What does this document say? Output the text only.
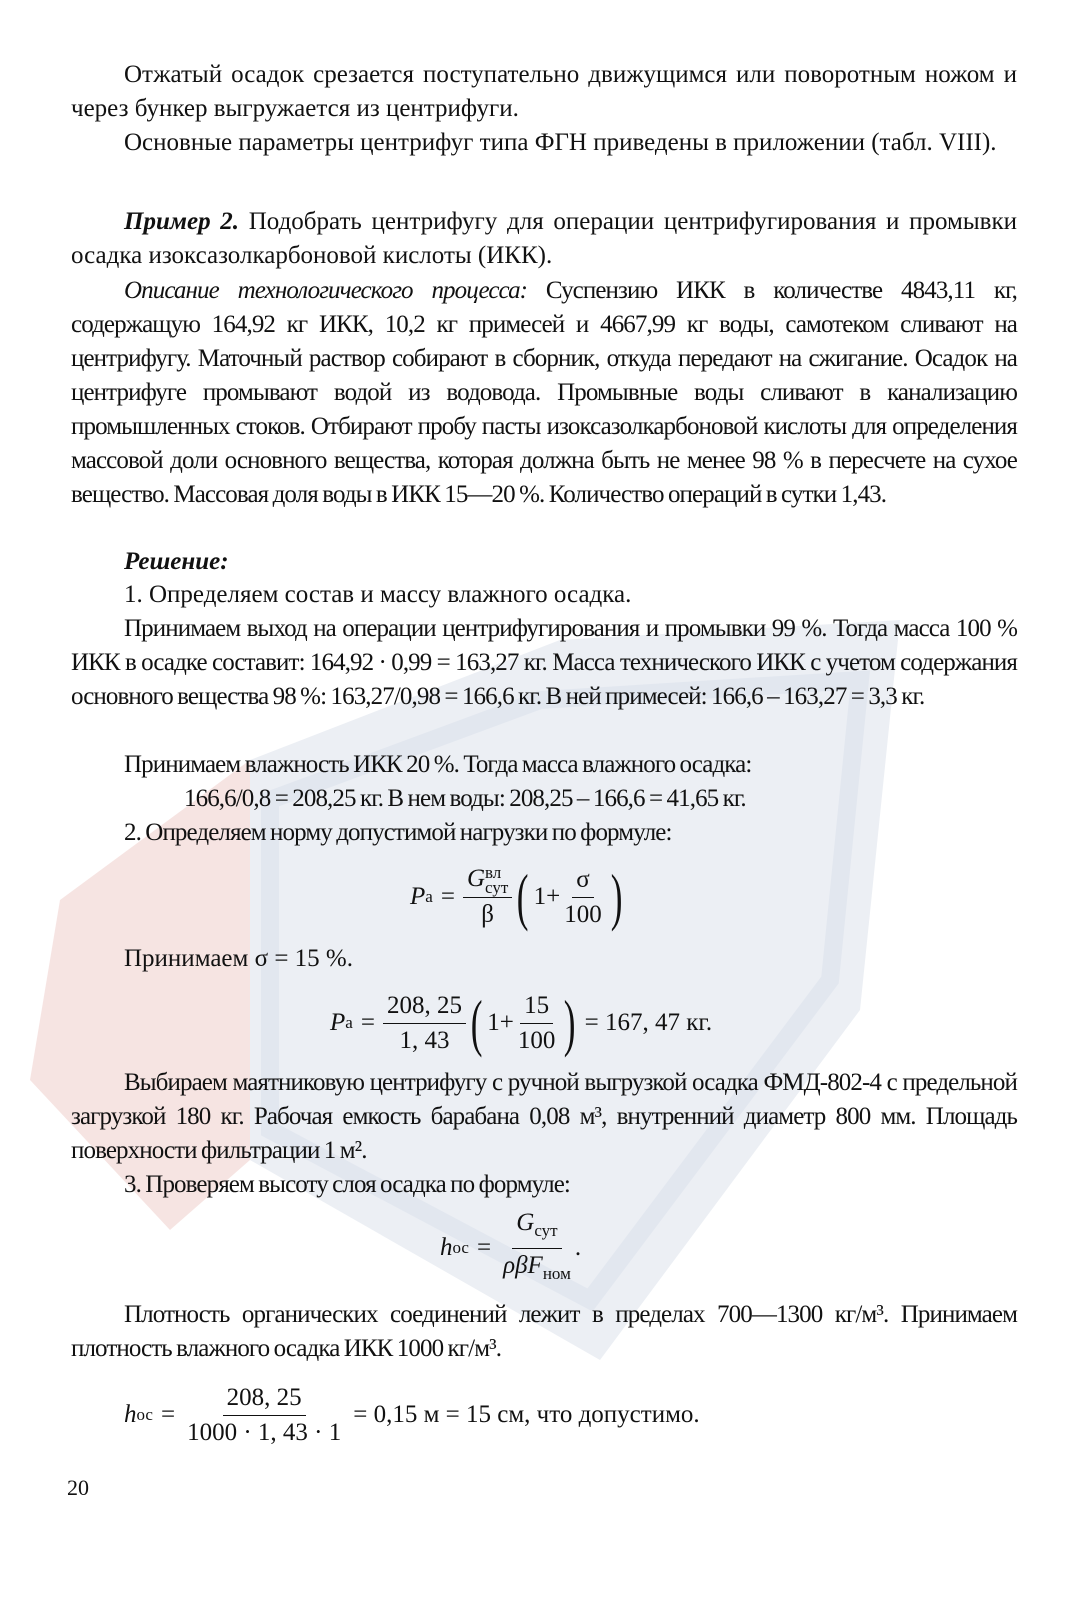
Отжатый осадок срезается поступательно движущимся или поворотным ножом и через бункер выгружается из центрифуги.
Основные параметры центрифуг типа ФГН приведены в приложении (табл. VIII).
Пример 2. Подобрать центрифугу для операции центрифугирования и промывки осадка изоксазолкарбоновой кислоты (ИКК).
Описание технологического процесса: Суспензию ИКК в количестве 4843,11 кг, содержащую 164,92 кг ИКК, 10,2 кг примесей и 4667,99 кг воды, самотеком сливают на центрифугу. Маточный раствор собирают в сборник, откуда передают на сжигание. Осадок на центрифуге промывают водой из водовода. Промывные воды сливают в канализацию промышленных стоков. Отбирают пробу пасты изоксазолкарбоновой кислоты для определения массовой доли основного вещества, которая должна быть не менее 98 % в пересчете на сухое вещество. Массовая доля воды в ИКК 15—20 %. Количество операций в сутки 1,43.
Решение:
1. Определяем состав и массу влажного осадка.
Принимаем выход на операции центрифугирования и промывки 99 %. Тогда масса 100 % ИКК в осадке составит: 164,92 · 0,99 = 163,27 кг. Масса технического ИКК с учетом содержания основного вещества 98 %: 163,27/0,98 = 166,6 кг. В ней примесей: 166,6 – 163,27 = 3,3 кг.
Принимаем влажность ИКК 20 %. Тогда масса влажного осадка:
166,6/0,8 = 208,25 кг. В нем воды: 208,25 – 166,6 = 41,65 кг.
2. Определяем норму допустимой нагрузки по формуле:
P а = G вл
сут
β ( $1+ \frac{\sigma}{100}$ )
Принимаем σ = 15 %.
P $а = \frac{208, 25}{1, 43}$ ( $1+ \frac{15}{100}$ ) = 167, 47 кг.
Выбираем маятниковую центрифугу с ручной выгрузкой осадка ФМД-802-4 с предельной загрузкой 180 кг. Рабочая емкость барабана 0,08 м³, внутренний диаметр 800 мм. Площадь поверхности фильтрации 1 м².
3. Проверяем высоту слоя осадка по формуле:
h ос = $\frac{G_{сут}}{\rho\beta F_{ном}}$ .
Плотность органических соединений лежит в пределах 700—1300 кг/м³. Принимаем плотность влажного осадка ИКК 1000 кг/м³.
h ос = $\frac{208, 25}{1000 \cdot 1, 43 \cdot 1} = 0,15$ м = 15 см, что допустимо.
20
